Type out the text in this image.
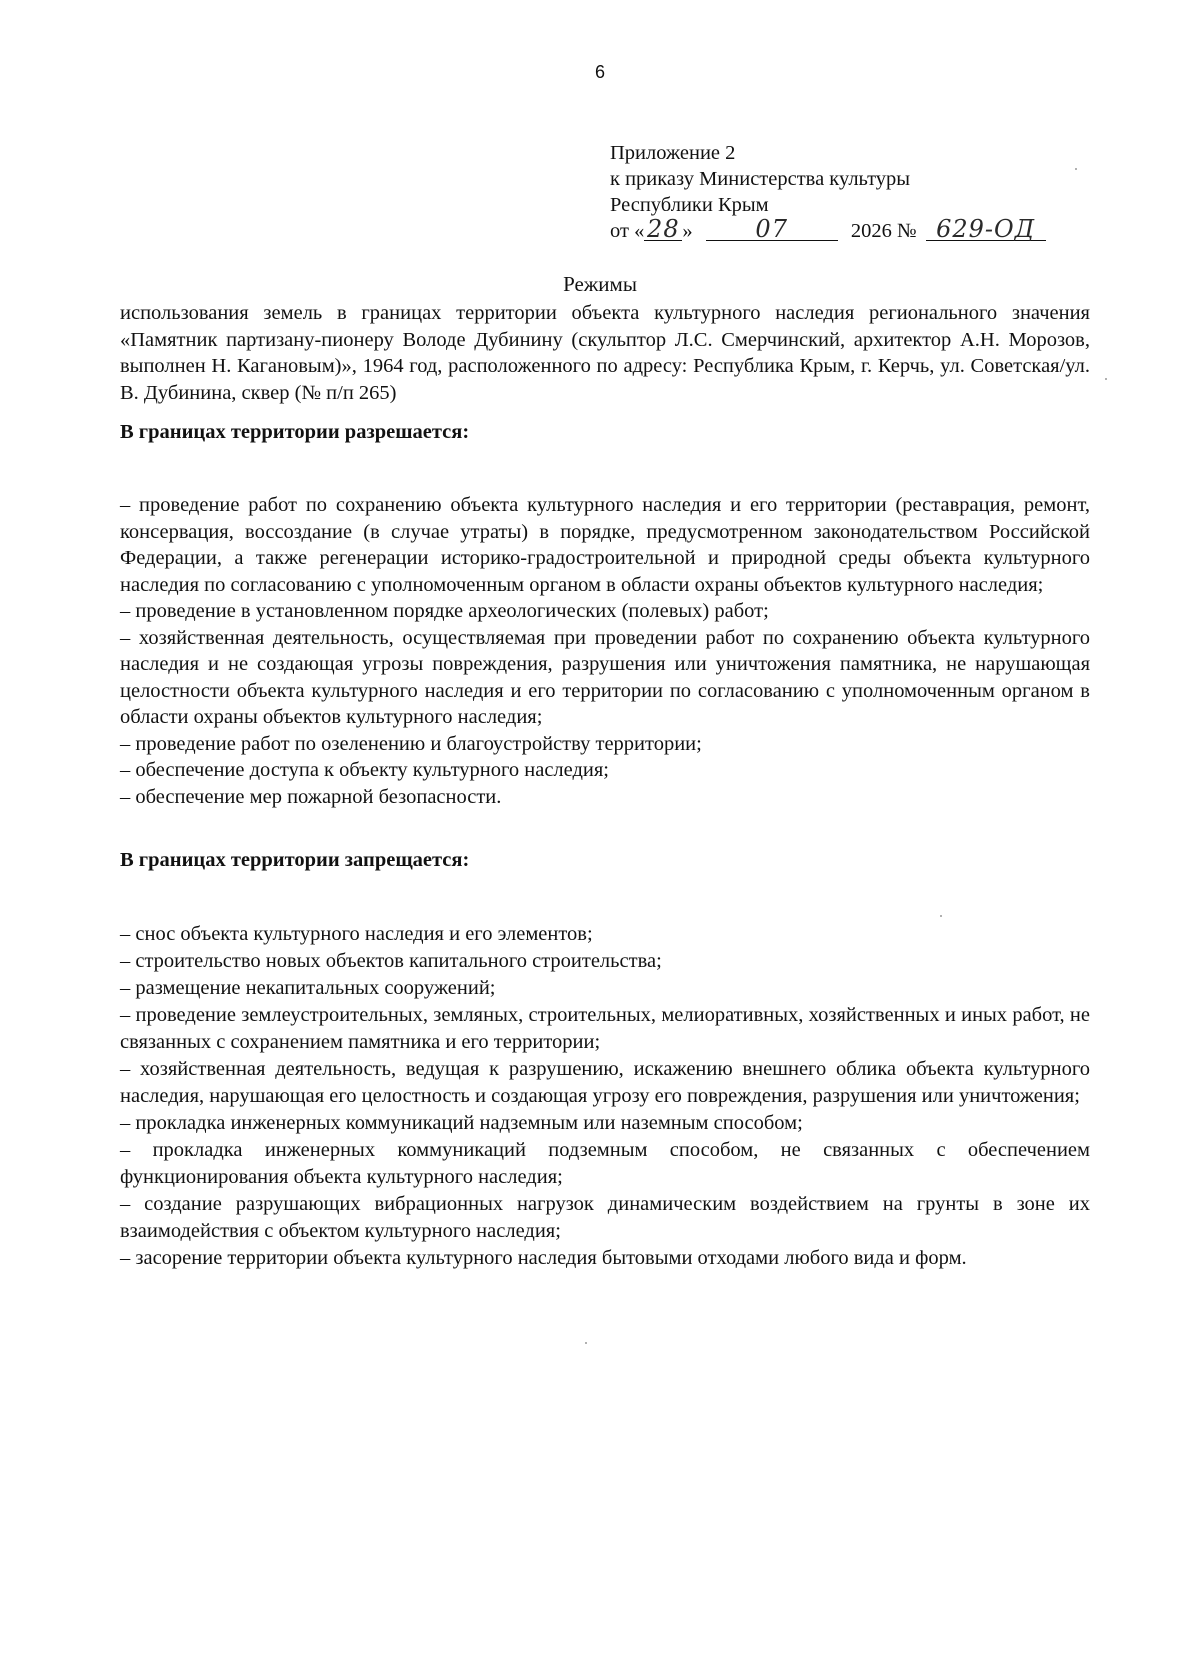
6
Приложение 2
к приказу Министерства культуры
Республики Крым
от « 28 »	07	2026 № 629-ОД
Режимы
использования земель в границах территории объекта культурного наследия регионального значения «Памятник партизану-пионеру Володе Дубинину (скульптор Л.С. Смерчинский, архитектор А.Н. Морозов, выполнен Н. Кагановым)», 1964 год, расположенного по адресу: Республика Крым, г. Керчь, ул. Советская/ул. В. Дубинина, сквер (№ п/п 265)
В границах территории разрешается:
– проведение работ по сохранению объекта культурного наследия и его территории (реставрация, ремонт, консервация, воссоздание (в случае утраты) в порядке, предусмотренном законодательством Российской Федерации, а также регенерации историко-градостроительной и природной среды объекта культурного наследия по согласованию с уполномоченным органом в области охраны объектов культурного наследия;
– проведение в установленном порядке археологических (полевых) работ;
– хозяйственная деятельность, осуществляемая при проведении работ по сохранению объекта культурного наследия и не создающая угрозы повреждения, разрушения или уничтожения памятника, не нарушающая целостности объекта культурного наследия и его территории по согласованию с уполномоченным органом в области охраны объектов культурного наследия;
– проведение работ по озеленению и благоустройству территории;
– обеспечение доступа к объекту культурного наследия;
– обеспечение мер пожарной безопасности.
В границах территории запрещается:
– снос объекта культурного наследия и его элементов;
– строительство новых объектов капитального строительства;
– размещение некапитальных сооружений;
– проведение землеустроительных, земляных, строительных, мелиоративных, хозяйственных и иных работ, не связанных с сохранением памятника и его территории;
– хозяйственная деятельность, ведущая к разрушению, искажению внешнего облика объекта культурного наследия, нарушающая его целостность и создающая угрозу его повреждения, разрушения или уничтожения;
– прокладка инженерных коммуникаций надземным или наземным способом;
– прокладка инженерных коммуникаций подземным способом, не связанных с обеспечением функционирования объекта культурного наследия;
– создание разрушающих вибрационных нагрузок динамическим воздействием на грунты в зоне их взаимодействия с объектом культурного наследия;
– засорение территории объекта культурного наследия бытовыми отходами любого вида и форм.
